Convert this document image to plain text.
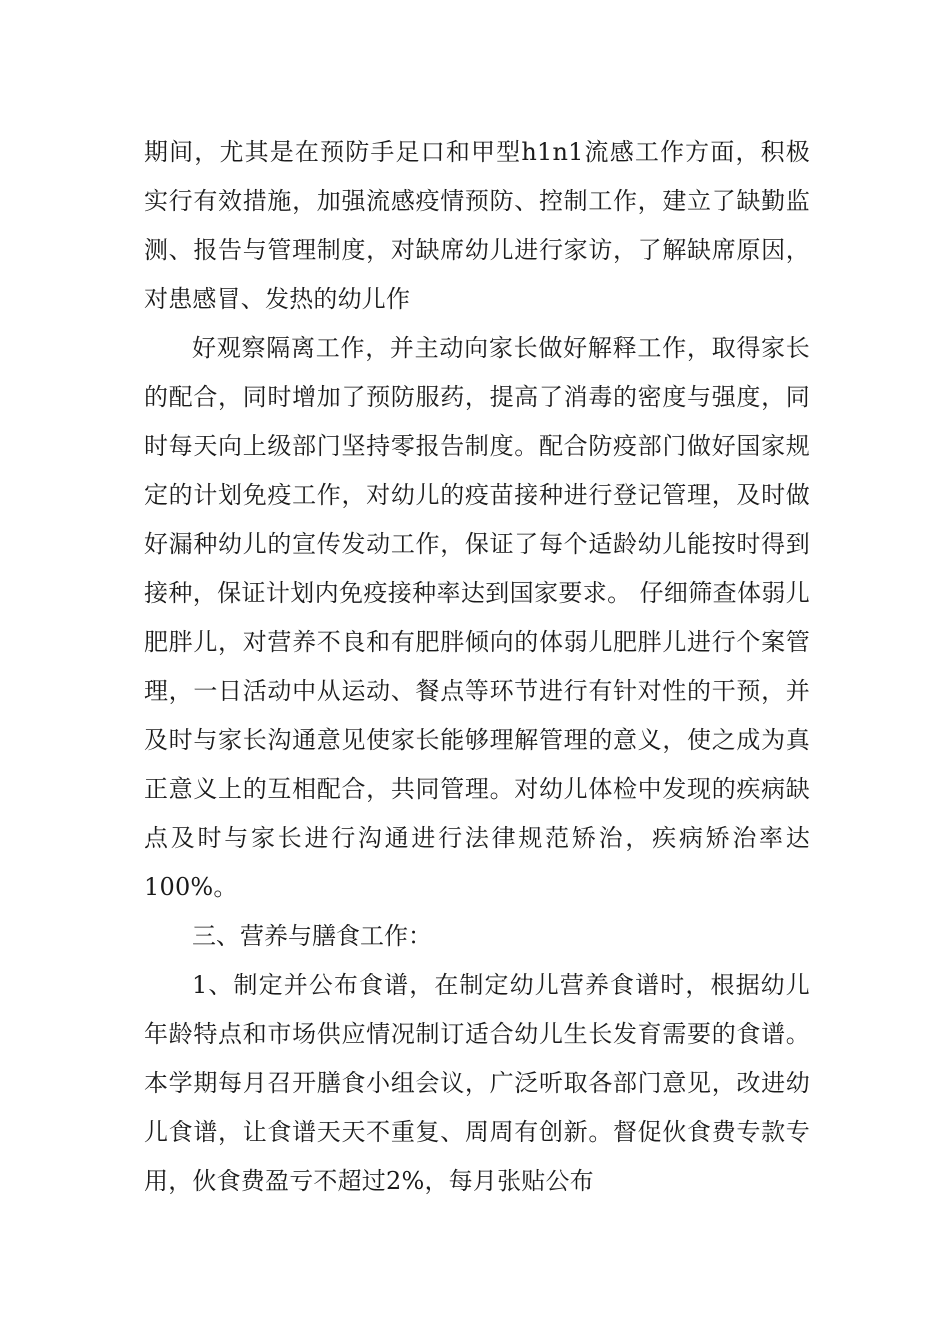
期间，尤其是在预防手足口和甲型h1n1流感工作方面，积极实行有效措施，加强流感疫情预防、控制工作，建立了缺勤监测、报告与管理制度，对缺席幼儿进行家访，了解缺席原因，对患感冒、发热的幼儿作

好观察隔离工作，并主动向家长做好解释工作，取得家长的配合，同时增加了预防服药，提高了消毒的密度与强度，同时每天向上级部门坚持零报告制度。配合防疫部门做好国家规定的计划免疫工作，对幼儿的疫苗接种进行登记管理，及时做好漏种幼儿的宣传发动工作，保证了每个适龄幼儿能按时得到接种，保证计划内免疫接种率达到国家要求。 仔细筛查体弱儿肥胖儿，对营养不良和有肥胖倾向的体弱儿肥胖儿进行个案管理，一日活动中从运动、餐点等环节进行有针对性的干预，并及时与家长沟通意见使家长能够理解管理的意义，使之成为真正意义上的互相配合，共同管理。对幼儿体检中发现的疾病缺点及时与家长进行沟通进行法律规范矫治，疾病矫治率达100%。

三、营养与膳食工作：

1、制定并公布食谱，在制定幼儿营养食谱时，根据幼儿年龄特点和市场供应情况制订适合幼儿生长发育需要的食谱。本学期每月召开膳食小组会议，广泛听取各部门意见，改进幼儿食谱，让食谱天天不重复、周周有创新。督促伙食费专款专用，伙食费盈亏不超过2%，每月张贴公布
